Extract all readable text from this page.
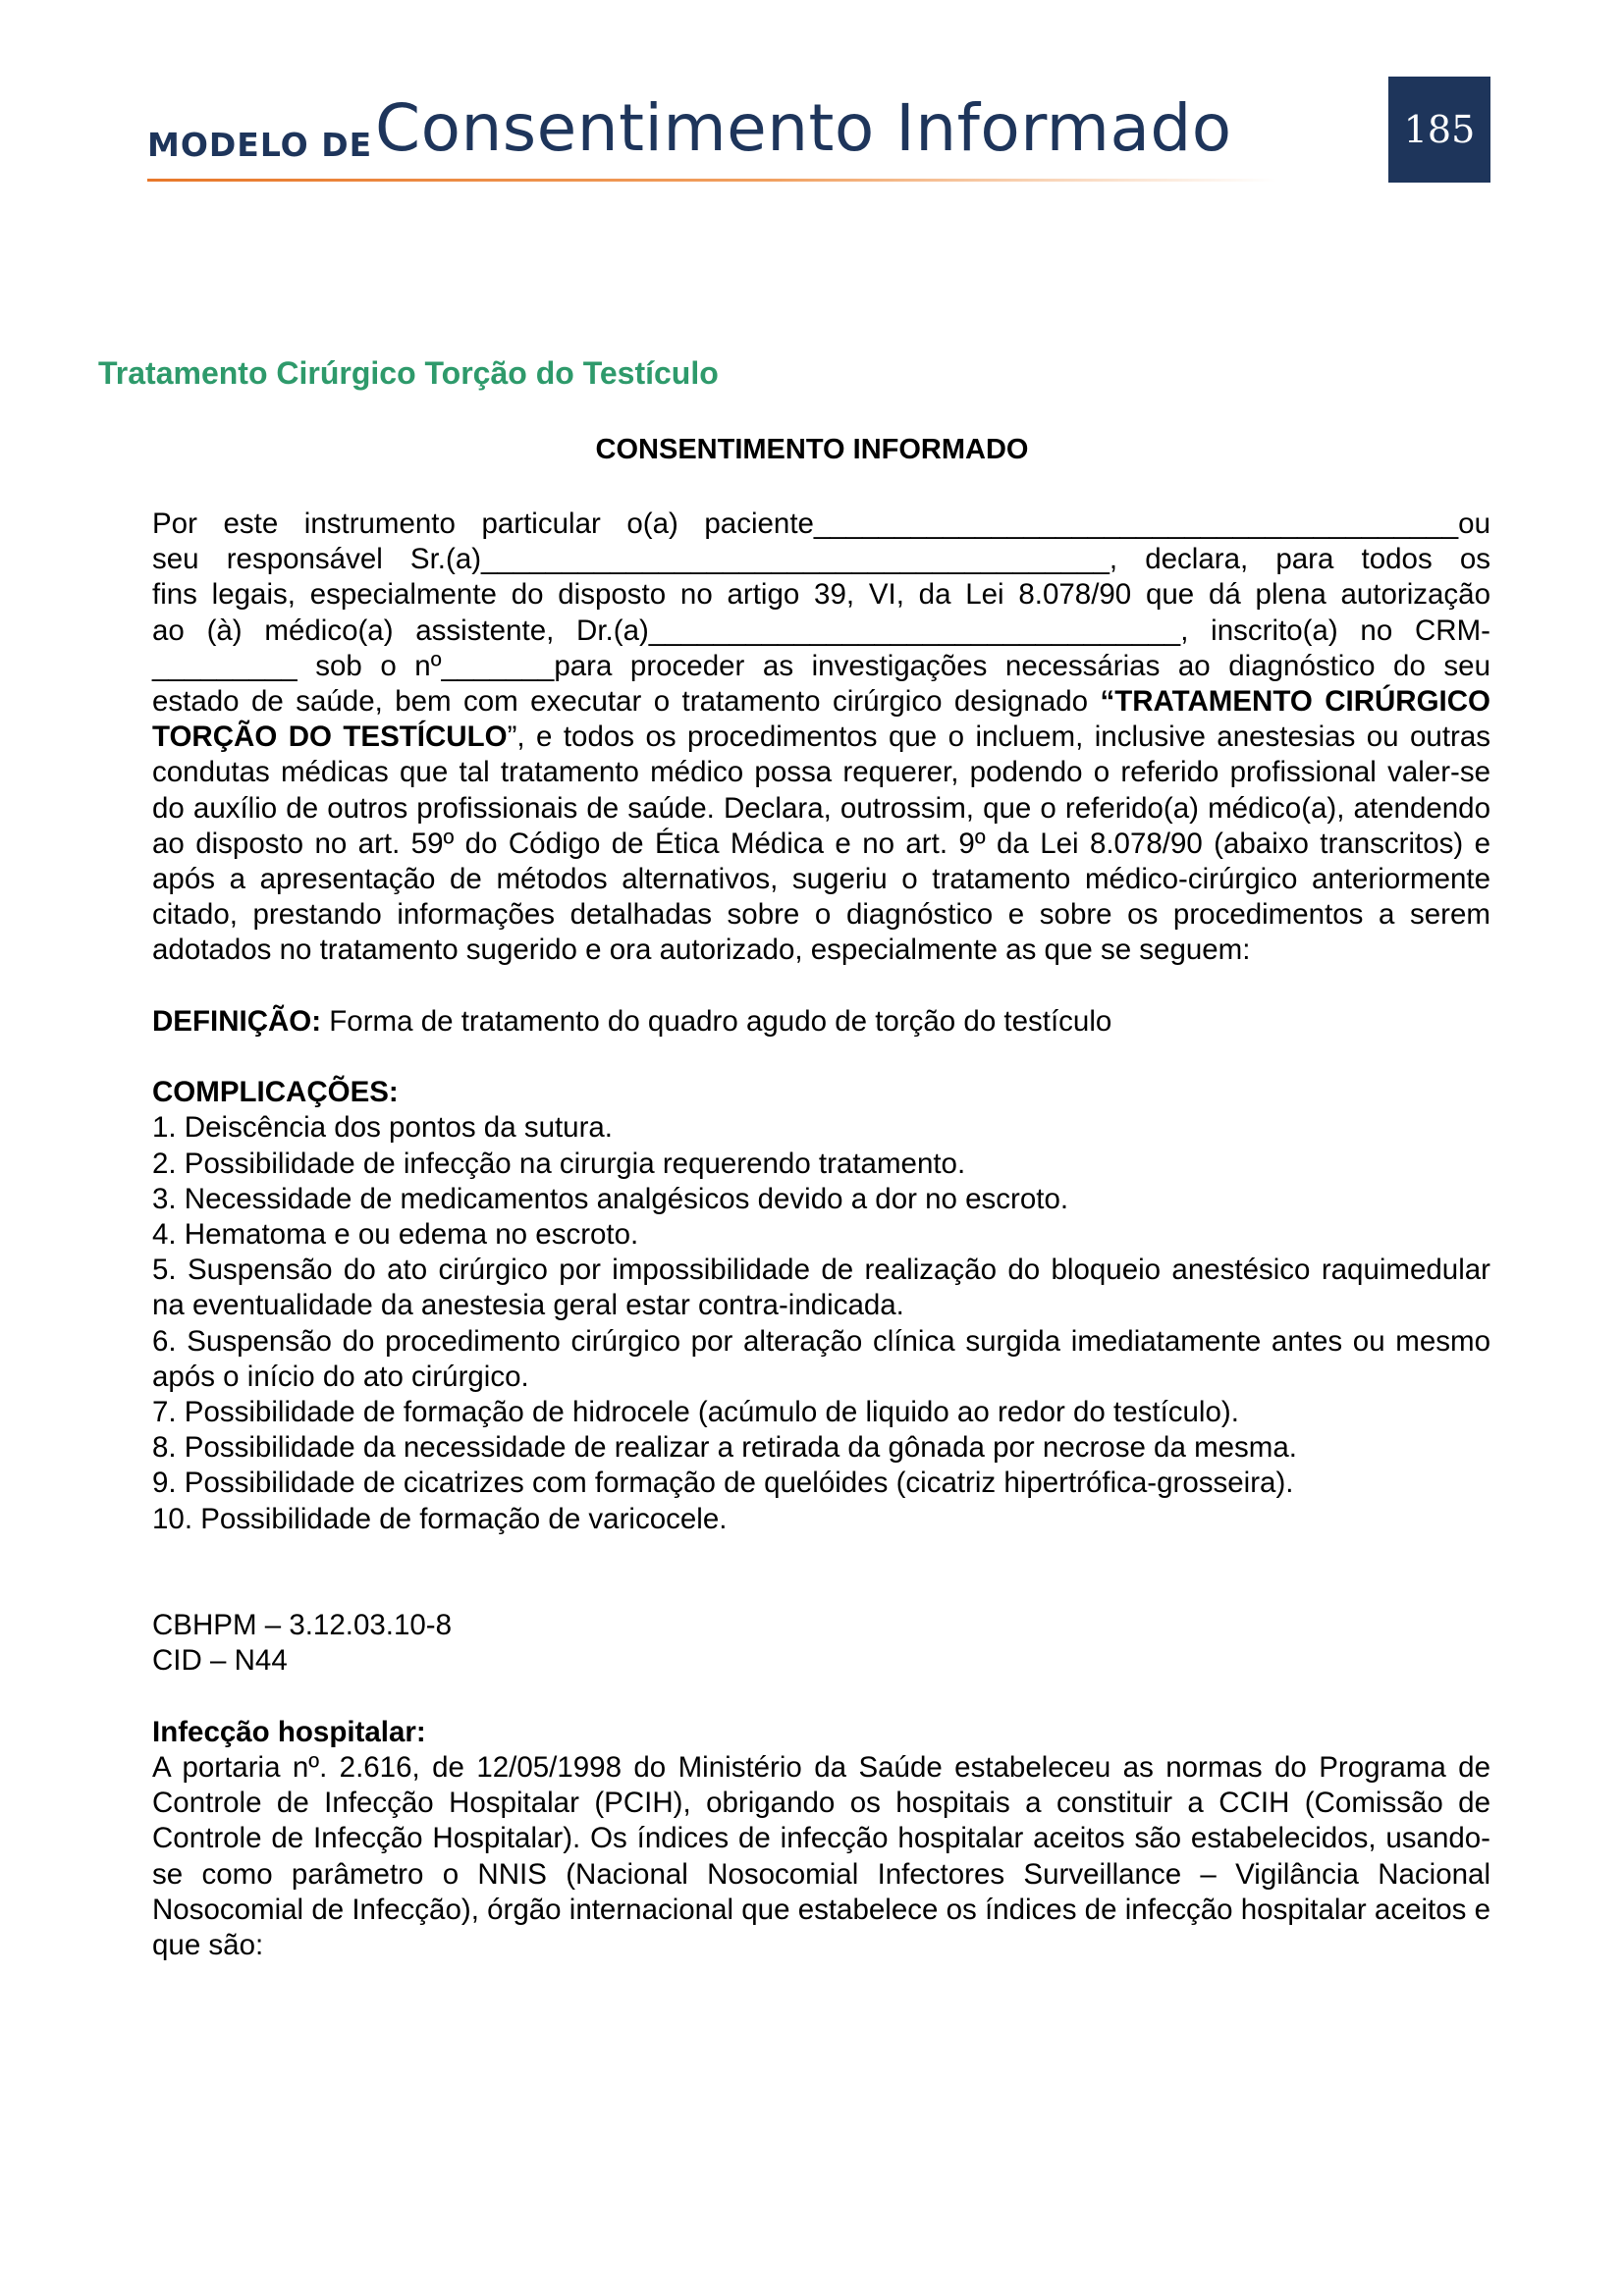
MODELO DE Consentimento Informado	185
Tratamento Cirúrgico Torção do Testículo
CONSENTIMENTO INFORMADO

Por este instrumento particular o(a) paciente________________________________________ou

seu responsável Sr.(a)_______________________________________, declara, para todos os

fins legais, especialmente do disposto no artigo 39, VI, da Lei 8.078/90 que dá plena autorização

ao (à) médico(a) assistente, Dr.(a)_________________________________, inscrito(a) no CRM-

_________ sob o nº_______para proceder as investigações necessárias ao diagnóstico do seu

estado de saúde, bem com executar o tratamento cirúrgico designado “TRATAMENTO CIRÚRGICO TORÇÃO DO TESTÍCULO”, e todos os procedimentos que o incluem, inclusive anestesias ou outras condutas médicas que tal tratamento médico possa requerer, podendo o referido profissional valer-se do auxílio de outros profissionais de saúde. Declara, outrossim, que o referido(a) médico(a), atendendo ao disposto no art. 59º do Código de Ética Médica e no art. 9º da Lei 8.078/90 (abaixo transcritos) e após a apresentação de métodos alternativos, sugeriu o tratamento médico-cirúrgico anteriormente citado, prestando informações detalhadas sobre o diagnóstico e sobre os procedimentos a serem adotados no tratamento sugerido e ora autorizado, especialmente as que se seguem:

DEFINIÇÃO: Forma de tratamento do quadro agudo de torção do testículo

COMPLICAÇÕES:

1. Deiscência dos pontos da sutura.
2. Possibilidade de infecção na cirurgia requerendo tratamento.
3. Necessidade de medicamentos analgésicos devido a dor no escroto.
4. Hematoma e ou edema no escroto.
5. Suspensão do ato cirúrgico por impossibilidade de realização do bloqueio anestésico raquimedular na eventualidade da anestesia geral estar contra-indicada.
6. Suspensão do procedimento cirúrgico por alteração clínica surgida imediatamente antes ou mesmo após o início do ato cirúrgico.
7. Possibilidade de formação de hidrocele (acúmulo de liquido ao redor do testículo).
8. Possibilidade da necessidade de realizar a retirada da gônada por necrose da mesma.
9. Possibilidade de cicatrizes com formação de quelóides (cicatriz hipertrófica-grosseira).
10. Possibilidade de formação de varicocele.

CBHPM – 3.12.03.10-8

CID – N44

Infecção hospitalar:

A portaria nº. 2.616, de 12/05/1998 do Ministério da Saúde estabeleceu as normas do Programa de Controle de Infecção Hospitalar (PCIH), obrigando os hospitais a constituir a CCIH (Comissão de Controle de Infecção Hospitalar). Os índices de infecção hospitalar aceitos são estabelecidos, usando-se como parâmetro o NNIS (Nacional Nosocomial Infectores Surveillance – Vigilância Nacional Nosocomial de Infecção), órgão internacional que estabelece os índices de infecção hospitalar aceitos e que são:
